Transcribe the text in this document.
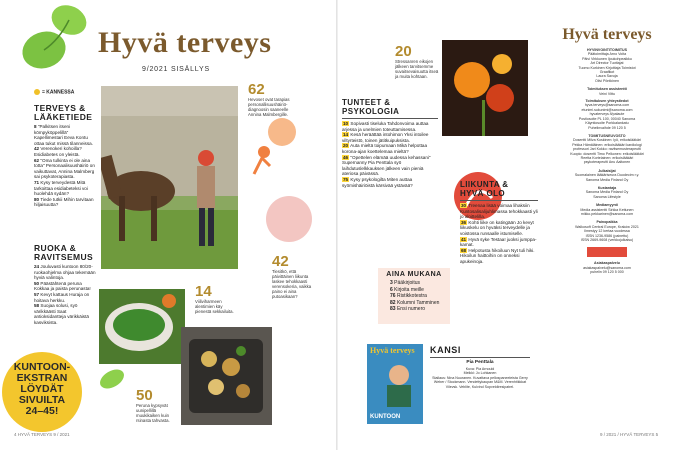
Hyvä terveys
9/2021 SISÄLLYS
= KANNESSA
TERVEYS &
LÄÄKETIEDE
8 "Palkitsen itseni kömpyköppelillä" Kapellimestari Eeva Kontu ottaa tukut missä tilanneissa.
42 Verenokeri kohoilla? Esidiabetes on yleistä.
62 "Oma tulkinta ei ole aina totta" Personaalisuushäiriö on vaikuttavat, Annina Malmberg sai psykoterapiasta.
71 Kysy terveydestä Mitä tarkoittaa esidiabeteksi voi huolehdä sydän?
80 Tiede tutkii Mihin tarvitaan hiljaisuutta?
RUOKA &
RAVITSEMUS
24 Jouluvasti kuntoon 80/20-ruokaohjelma ohjaa tekemään hyviä valintoja.
50 Päästähtenä peruna Kokkaa ja paista perunasta!
57 Kevyt kattaus Huraja on hoitava herkku.
58 Suojaa solusi, syö värikkäästi Saat antioksidantteja värikkäistä kasviksista.
KUNTOON-
EKSTRAN
LÖYDÄT
SIVUILTA
24–45!
62
Hevoset ovat tarapias personallisuushäiriö-diagnoosin saaneelle Annina Malmbergille.
14
Viiliviharmeen alentimien käy pienestä sekkailuita.
42
Tiesitkö, että päivittäinen liikunta laskee tehokkaasti verensokeria, vaikka paino ei aina putoasikaan?
50
Peruna kypsyvät uunipellillä muukikaiken kuin rsinasta tahvasta.
4 HYVÄ TERVEYS 9 / 2021
20
Stressanren eikojen jälkeen tarvitsemme suvaitsevaisuutta itseä ja muita kohtaan.
TUNTEET &
PSYKOLOGIA
10 Sopivasti tiseluka Tahdonvoima auttaa arjessa ja unelmien toteuttamisessa.
14 Kesä heräättää intohimon Yksi intoilee viltyrteistö, toinen jätitkuipuksista.
20 Auta mieltä toipumaan Mikä helpottaa korona-ajan koettelemaa mieltä?
46 "Opettelen elämää uudessa kehassani" Supernanny Pia Penttala syö laihdutuslelkkauksen jälkeen vain pieniä ateriosa päivässä.
75 Kysy psykologilta Miten auttaa syömishäiriöistä kärsivää ystävää?	LIIKUNTA &
HYVÄ OLO
30 Treenaa lisää voimaa lihaksiin Kuntosalisalijuhlimassa tehokkaasti yli jo aloittelilla.
36 Kohti liike on katingään Jo kevyt liikuskelu on hyväksi terveydelle ja voistossa runsaalle istumiselle.
41 Hyvä syke Testaa! juoksi jumppa- kamat.
68 Helpotusta hikoiluun Nyt tuli hiki. Hikoilun haittoihin on onneksi apukeinoja.
AINA MUKANA
3 Pääkirjoitus
6 Kirjoita meille
76 Ristikkotestra
82 Kolumni Tamminen
83 Ensi numero
Hyvä terveys
KUNTOON
KANSI
Pia Penttala
Kuva: Pia Arnould
Meikki: Jo Lohkanen
Stailaus: Nina Nuuranen. Kuvattava pellospaneeleista Gerry Weber / Stockmann. Vendettykaupan M&M. Verenhtikkkat Vilevsk. Veblite, Kulvind Sopveldiresipatrel.
Hyvä terveys
HYVINVOINTITOIMITUS
Päätoimittaja Arno Voita
Päivi Virkkunen Ijoukohpeaikku
Art Director Tuottajat
Tuomo Kurkinen Kirjoittaja Toimistot
Graafikot
Laura Savuja
Oilvi Pöntkinen
Toimituksen assistentti
Veini Vittu
Toimituksen yhteystiedot
hyva.terveys@sanoma.com
etunimi.sukunimi@sanoma.com
hyvaterveys.fi/palaute
Postiosoite PL 100, 00040 Sanoma
Käyntiosoite Porkkalankatu
Puhelinvaihde 09 120 5
TOIMITUSNEUVOSTO
Dosentti Milva Koskinen: lyö, erikoislääkäri
Pekka Hämäläinen: erikoislääkäri kardiologi
professori Jari Kokko: ravitsemusterapeutti
Kuopio: dosentti Timo Pelkonen: erikoislääkäri
Reetta Kortelainen: erikoislääkäri
psykoterapeutti Anu Aaltonen
Julkaisijat
Suomalainen lääkäriseura Duodecim r.y.
Sanoma Media Finland Oy
Kustantaja
Sanoma Media Finland Oy
Sanoma Lifestyle
Mediamyynti
Media assistentti Sirkka Kettunen
mikko.pekkarinen@sanoma.com
Painopaikka
Walkosoft Central Europe, Kraków 2021
Ilmestyy 12 kertaa vuodessa
ISSN 1236-9586 (painettu)
ISSN 2669-9608 (verkkojulkaisu)
Asiakaspalvelu
asiakaspalvelu@sanoma.com
puhelin 09 120 5 000
9 / 2021 / HYVÄ TERVEYS 5
